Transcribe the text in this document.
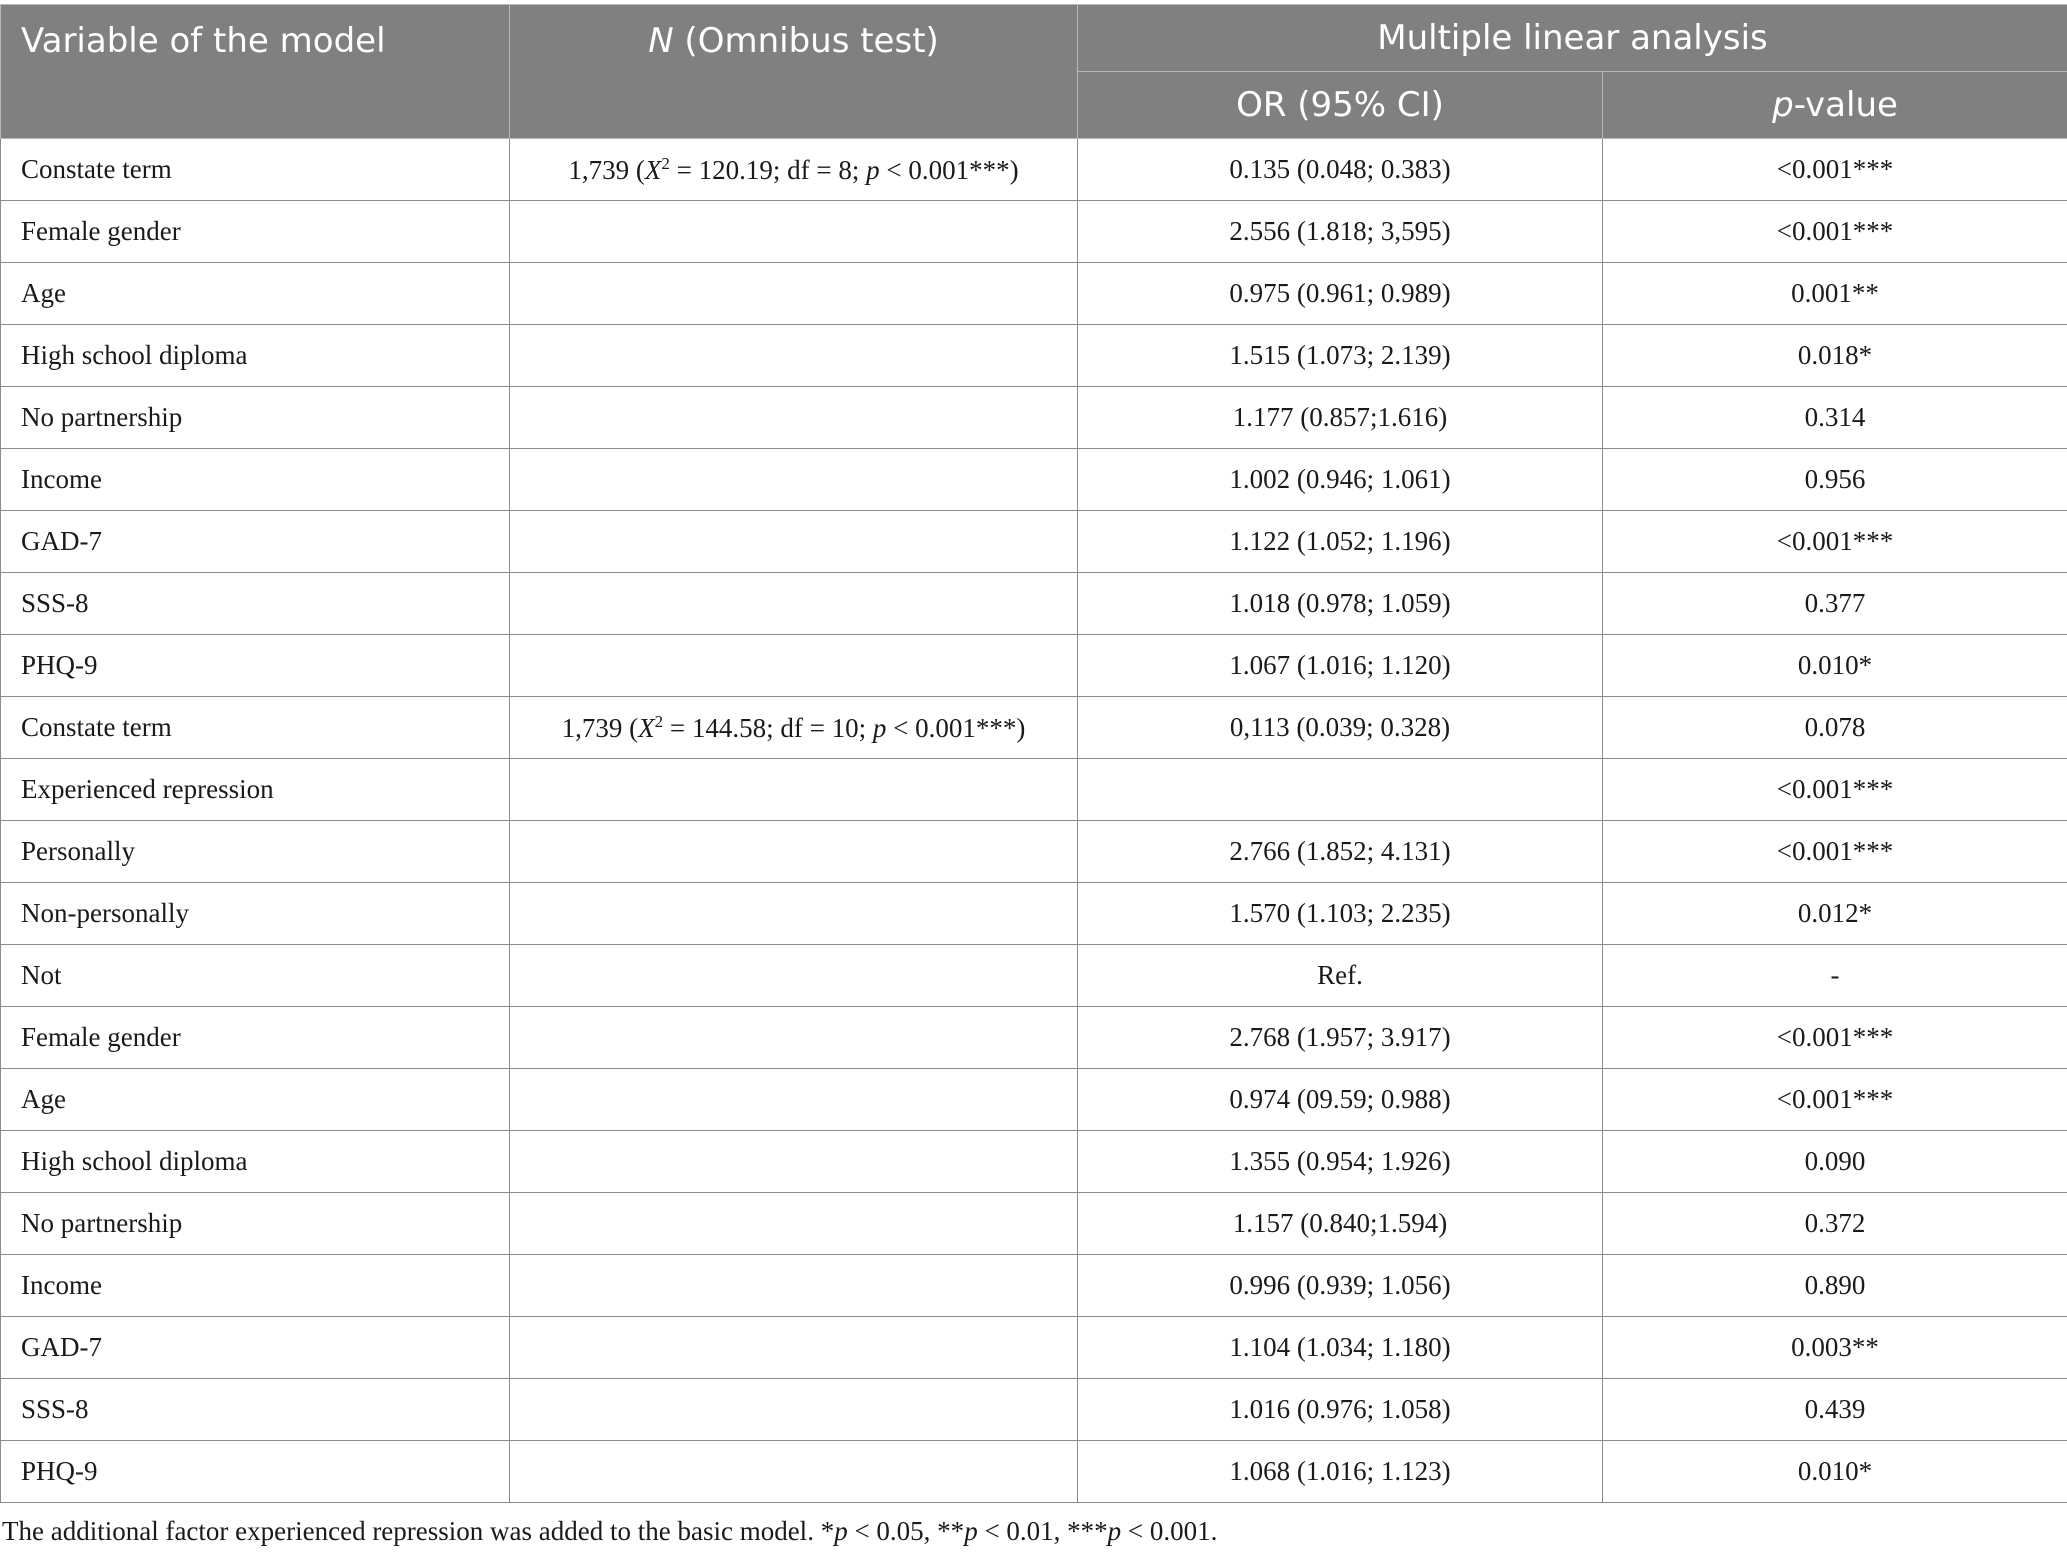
Variable of the model	N (Omnibus test)	Multiple linear analysis	
		OR (95% CI)	p-value
Constate term	1,739 ($X^2 = 120.19$; df = 8; p < 0.001***)	0.135 (0.048; 0.383)	<0.001***
Female gender		2.556 (1.818; 3,595)	<0.001***
Age		0.975 (0.961; 0.989)	0.001**
High school diploma		1.515 (1.073; 2.139)	0.018*
No partnership		1.177 (0.857;1.616)	0.314
Income		1.002 (0.946; 1.061)	0.956
GAD-7		1.122 (1.052; 1.196)	<0.001***
SSS-8		1.018 (0.978; 1.059)	0.377
PHQ-9		1.067 (1.016; 1.120)	0.010*
Constate term	1,739 ($X^2 = 144.58$; df = 10; p < 0.001***)	0,113 (0.039; 0.328)	0.078
Experienced repression			<0.001***
Personally		2.766 (1.852; 4.131)	<0.001***
Non-personally		1.570 (1.103; 2.235)	0.012*
Not		Ref.	-
Female gender		2.768 (1.957; 3.917)	<0.001***
Age		0.974 (09.59; 0.988)	<0.001***
High school diploma		1.355 (0.954; 1.926)	0.090
No partnership		1.157 (0.840;1.594)	0.372
Income		0.996 (0.939; 1.056)	0.890
GAD-7		1.104 (1.034; 1.180)	0.003**
SSS-8		1.016 (0.976; 1.058)	0.439
PHQ-9		1.068 (1.016; 1.123)	0.010*
The additional factor experienced repression was added to the basic model. *p < 0.05, **p < 0.01, ***p < 0.001.
